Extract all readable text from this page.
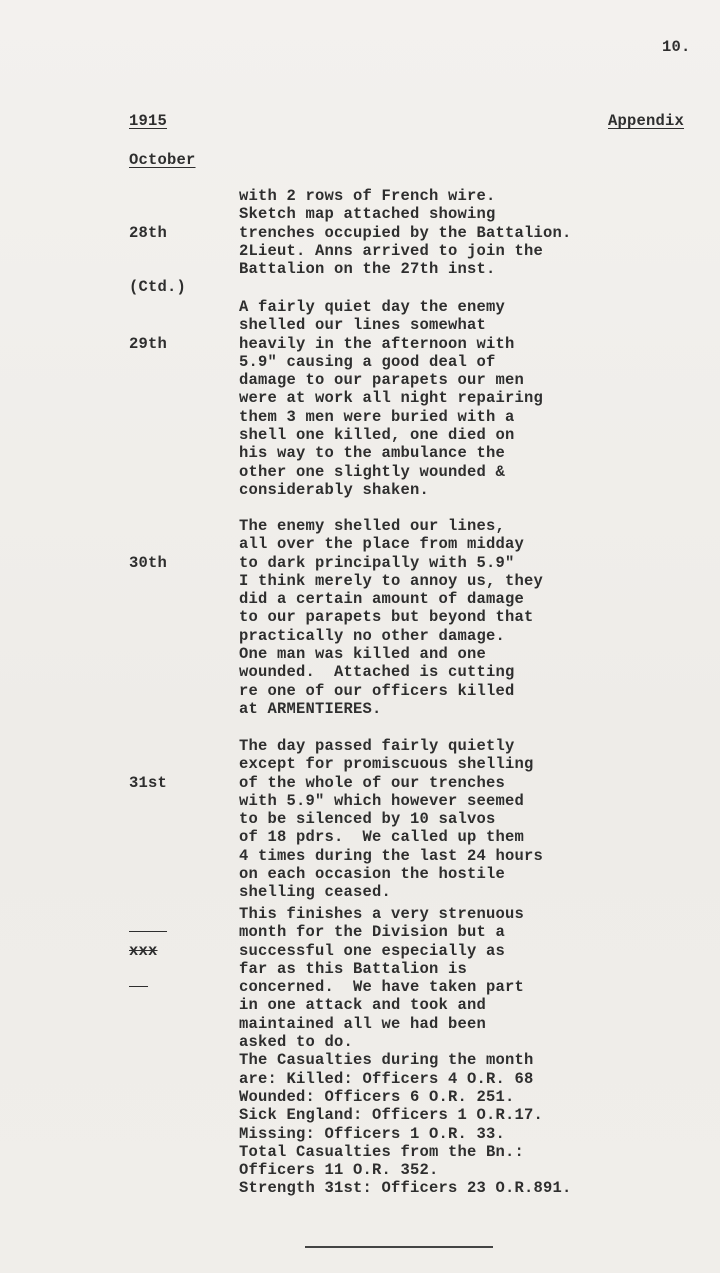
10.
1915	Appendix
October

28th

(Ctd.)

with 2 rows of French wire.
Sketch map attached showing
trenches occupied by the Battalion.
2Lieut. Anns arrived to join the
Battalion on the 27th inst.

29th

A fairly quiet day the enemy
shelled our lines somewhat
heavily in the afternoon with
5.9" causing a good deal of
damage to our parapets our men
were at work all night repairing
them 3 men were buried with a
shell one killed, one died on
his way to the ambulance the
other one slightly wounded &
considerably shaken.

30th

The enemy shelled our lines,
all over the place from midday
to dark principally with 5.9"
I think merely to annoy us, they
did a certain amount of damage
to our parapets but beyond that
practically no other damage.
One man was killed and one
wounded.  Attached is cutting
re one of our officers killed
at ARMENTIERES.

31st

The day passed fairly quietly
except for promiscuous shelling
of the whole of our trenches
with 5.9" which however seemed
to be silenced by 10 salvos
of 18 pdrs.  We called up them
4 times during the last 24 hours
on each occasion the hostile
shelling ceased.

xxx

This finishes a very strenuous
month for the Division but a
successful one especially as
far as this Battalion is
concerned.  We have taken part
in one attack and took and
maintained all we had been
asked to do.
The Casualties during the month
are: Killed: Officers 4 O.R. 68
Wounded: Officers 6 O.R. 251.
Sick England: Officers 1 O.R.17.
Missing: Officers 1 O.R. 33.
Total Casualties from the Bn.:
Officers 11 O.R. 352.
Strength 31st: Officers 23 O.R.891.
